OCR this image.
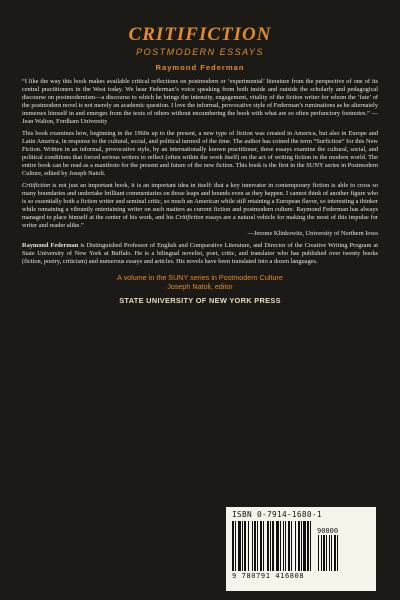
CRITIFICTION
POSTMODERN ESSAYS
Raymond Federman

“I like the way this book makes available critical reflections on postmodern or ‘experimental’ literature from the perspective of one of its central practitioners in the West today. We hear Federman’s voice speaking from both inside and outside the scholarly and pedagogical discourse on postmodernism—a discourse to which he brings the intensity, engagement, vitality of the fiction writer for whom the ‘fate’ of the postmodern novel is not merely an academic question. I love the informal, provocative style of Federman’s ruminations as he alternately immerses himself in and emerges from the texts of others without encumbering the book with what are so often perfunctory footnotes.” —Jean Walton, Fordham University

This book examines how, beginning in the 1960s up to the present, a new type of fiction was created in America, but also in Europe and Latin America, in response to the cultural, social, and political turmoil of the time. The author has coined the term “Surfiction” for this New Fiction. Written in an informal, provocative style, by an internationally known practitioner, these essays examine the cultural, social, and political conditions that forced serious writers to reflect (often within the work itself) on the act of writing fiction in the modern world. The entire book can be read as a manifesto for the present and future of the new fiction. This book is the first in the SUNY series in Postmodern Culture, edited by Joseph Natoli.

Critifiction is not just an important book, it is an important idea in itself: that a key innovator in contemporary fiction is able to cross so many boundaries and undertake brilliant commentaries on those leaps and bounds even as they happen. I cannot think of another figure who is so essentially both a fiction writer and seminal critic, so much an American while still retaining a European flavor, so interesting a thinker while remaining a vibrantly entertaining writer on such matters as current fiction and postmodern culture. Raymond Federman has always managed to place himself at the center of his work, and his Critifiction essays are a natural vehicle for making the most of this impulse for writer and reader alike.”
—Jerome Klinkowitz, University of Northern Iowa

Raymond Federman is Distinguished Professor of English and Comparative Literature, and Director of the Creative Writing Program at State University of New York at Buffalo. He is a bilingual novelist, poet, critic, and translator who has published over twenty books (fiction, poetry, criticism) and numerous essays and articles. His novels have been translated into a dozen languages.

A volume in the SUNY series in Postmodern Culture
Joseph Natoli, editor
STATE UNIVERSITY OF NEW YORK PRESS
ISBN 0-7914-1680-1
90000
9 780791 416808
